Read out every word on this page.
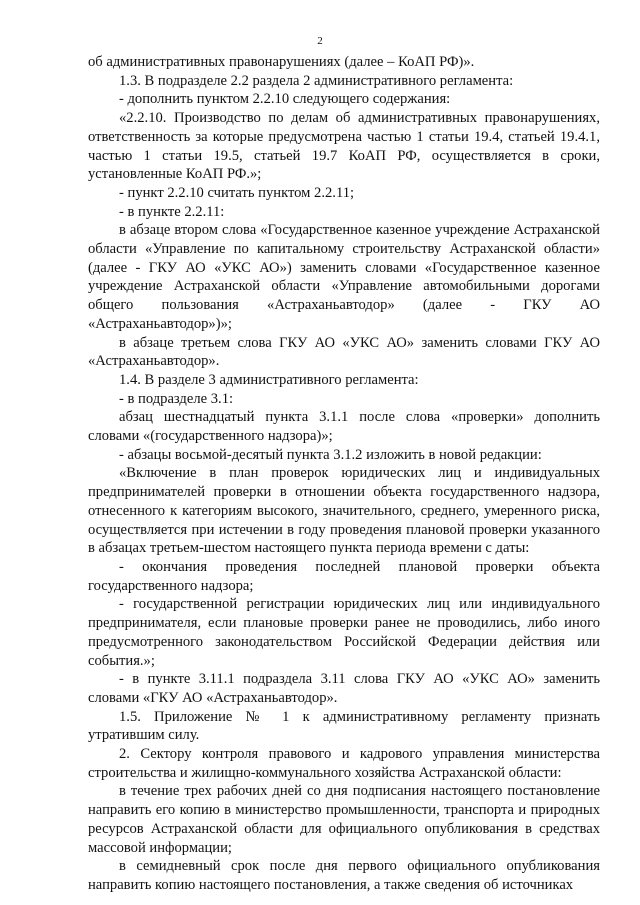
2

об административных правонарушениях (далее – КоАП РФ)».

1.3. В подразделе 2.2 раздела 2 административного регламента:

- дополнить пунктом 2.2.10 следующего содержания:

«2.2.10. Производство по делам об административных правонарушениях, ответственность за которые предусмотрена частью 1 статьи 19.4, статьей 19.4.1, частью 1 статьи 19.5, статьей 19.7 КоАП РФ, осуществляется в сроки, установленные КоАП РФ.»;

- пункт 2.2.10 считать пунктом 2.2.11;

- в пункте 2.2.11:

в абзаце втором слова «Государственное казенное учреждение Астраханской области «Управление по капитальному строительству Астраханской области» (далее - ГКУ АО «УКС АО») заменить словами «Государственное казенное учреждение Астраханской области «Управление автомобильными дорогами общего пользования «Астраханьавтодор» (далее - ГКУ АО «Астраханьавтодор»)»;

в абзаце третьем слова ГКУ АО «УКС АО» заменить словами ГКУ АО «Астраханьавтодор».

1.4. В разделе 3 административного регламента:

- в подразделе 3.1:

абзац шестнадцатый пункта 3.1.1 после слова «проверки» дополнить словами «(государственного надзора)»;

- абзацы восьмой-десятый пункта 3.1.2 изложить в новой редакции:

«Включение в план проверок юридических лиц и индивидуальных предпринимателей проверки в отношении объекта государственного надзора, отнесенного к категориям высокого, значительного, среднего, умеренного риска, осуществляется при истечении в году проведения плановой проверки указанного в абзацах третьем-шестом настоящего пункта периода времени с даты:

- окончания проведения последней плановой проверки объекта государственного надзора;

- государственной регистрации юридических лиц или индивидуального предпринимателя, если плановые проверки ранее не проводились, либо иного предусмотренного законодательством Российской Федерации действия или события.»;

- в пункте 3.11.1 подраздела 3.11 слова ГКУ АО «УКС АО» заменить словами «ГКУ АО «Астраханьавтодор».

1.5. Приложение № 1 к административному регламенту признать утратившим силу.

2. Сектору контроля правового и кадрового управления министерства строительства и жилищно-коммунального хозяйства Астраханской области:

в течение трех рабочих дней со дня подписания настоящего постановление направить его копию в министерство промышленности, транспорта и природных ресурсов Астраханской области для официального опубликования в средствах массовой информации;

в семидневный срок после дня первого официального опубликования направить копию настоящего постановления, а также сведения об источниках
